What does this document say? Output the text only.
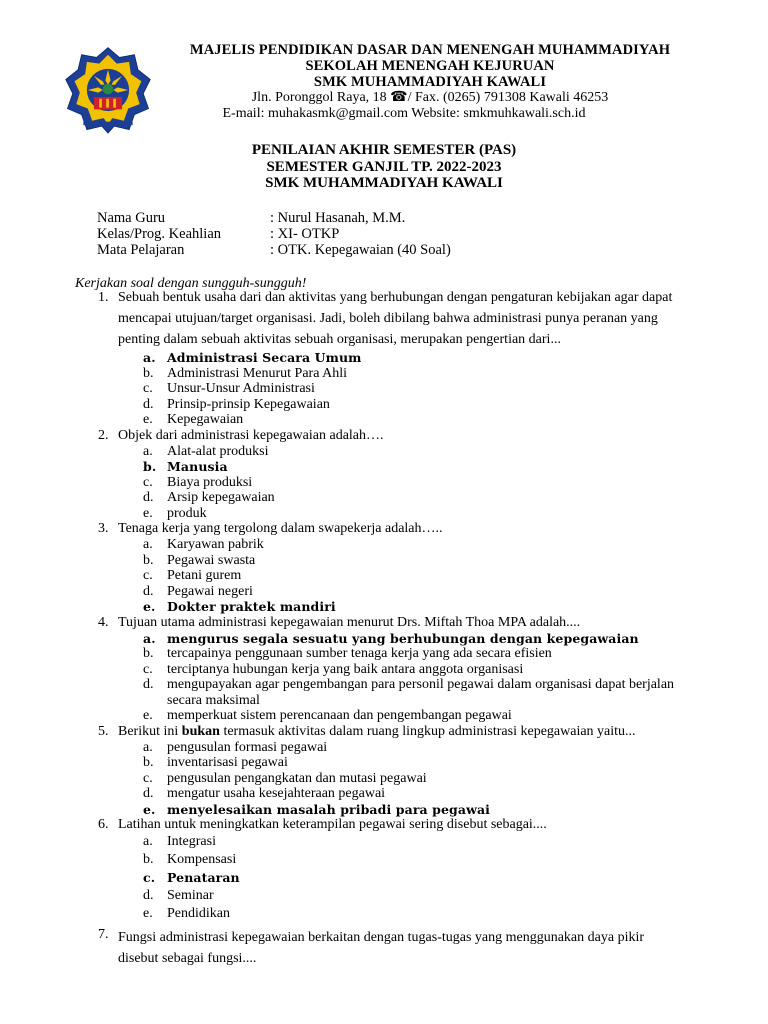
MAJELIS PENDIDIKAN DASAR DAN MENENGAH MUHAMMADIYAH
SEKOLAH MENENGAH KEJURUAN
SMK MUHAMMADIYAH KAWALI
Jln. Poronggol Raya, 18 ☎/ Fax. (0265) 791308 Kawali 46253
E-mail: muhakasmk@gmail.com Website: smkmuhkawali.sch.id
PENILAIAN AKHIR SEMESTER (PAS)
SEMESTER GANJIL TP. 2022-2023
SMK MUHAMMADIYAH KAWALI
Nama Guru	: Nurul Hasanah, M.M.
Kelas/Prog. Keahlian	: XI- OTKP
Mata Pelajaran	: OTK. Kepegawaian (40 Soal)
Kerjakan soal dengan sungguh-sungguh!
1. Sebuah bentuk usaha dari dan aktivitas yang berhubungan dengan pengaturan kebijakan agar dapat
mencapai utujuan/target organisasi. Jadi, boleh dibilang bahwa administrasi punya peranan yang
penting dalam sebuah aktivitas sebuah organisasi, merupakan pengertian dari...
a. Administrasi Secara Umum
b. Administrasi Menurut Para Ahli
c.	Unsur-Unsur Administrasi
d. Prinsip-prinsip Kepegawaian
e.	Kepegawaian
2. Objek dari administrasi kepegawaian adalah….
a.	Alat-alat produksi
b. Manusia
c.	Biaya produksi
d. Arsip kepegawaian
e.	produk
3. Tenaga kerja yang tergolong dalam swapekerja adalah…..
a.	Karyawan pabrik
b. Pegawai swasta
c.	Petani gurem
d. Pegawai negeri
e. Dokter praktek mandiri
4. Tujuan utama administrasi kepegawaian menurut Drs. Miftah Thoa MPA adalah....
a. mengurus segala sesuatu yang berhubungan dengan kepegawaian
b. tercapainya penggunaan sumber tenaga kerja yang ada secara efisien
c.	terciptanya hubungan kerja yang baik antara anggota organisasi
d. mengupayakan agar pengembangan para personil pegawai dalam organisasi dapat berjalan
secara maksimal
e.	memperkuat sistem perencanaan dan pengembangan pegawai
5. Berikut ini bukan termasuk aktivitas dalam ruang lingkup administrasi kepegawaian yaitu...
a.	pengusulan formasi pegawai
b. inventarisasi pegawai
c.	pengusulan pengangkatan dan mutasi pegawai
d. mengatur usaha kesejahteraan pegawai
e. menyelesaikan masalah pribadi para pegawai
6. Latihan untuk meningkatkan keterampilan pegawai sering disebut sebagai....
a.	Integrasi
b. Kompensasi
c. Penataran
d. Seminar
e.	Pendidikan
7. Fungsi administrasi kepegawaian berkaitan dengan tugas-tugas yang menggunakan daya pikir
disebut sebagai fungsi....
